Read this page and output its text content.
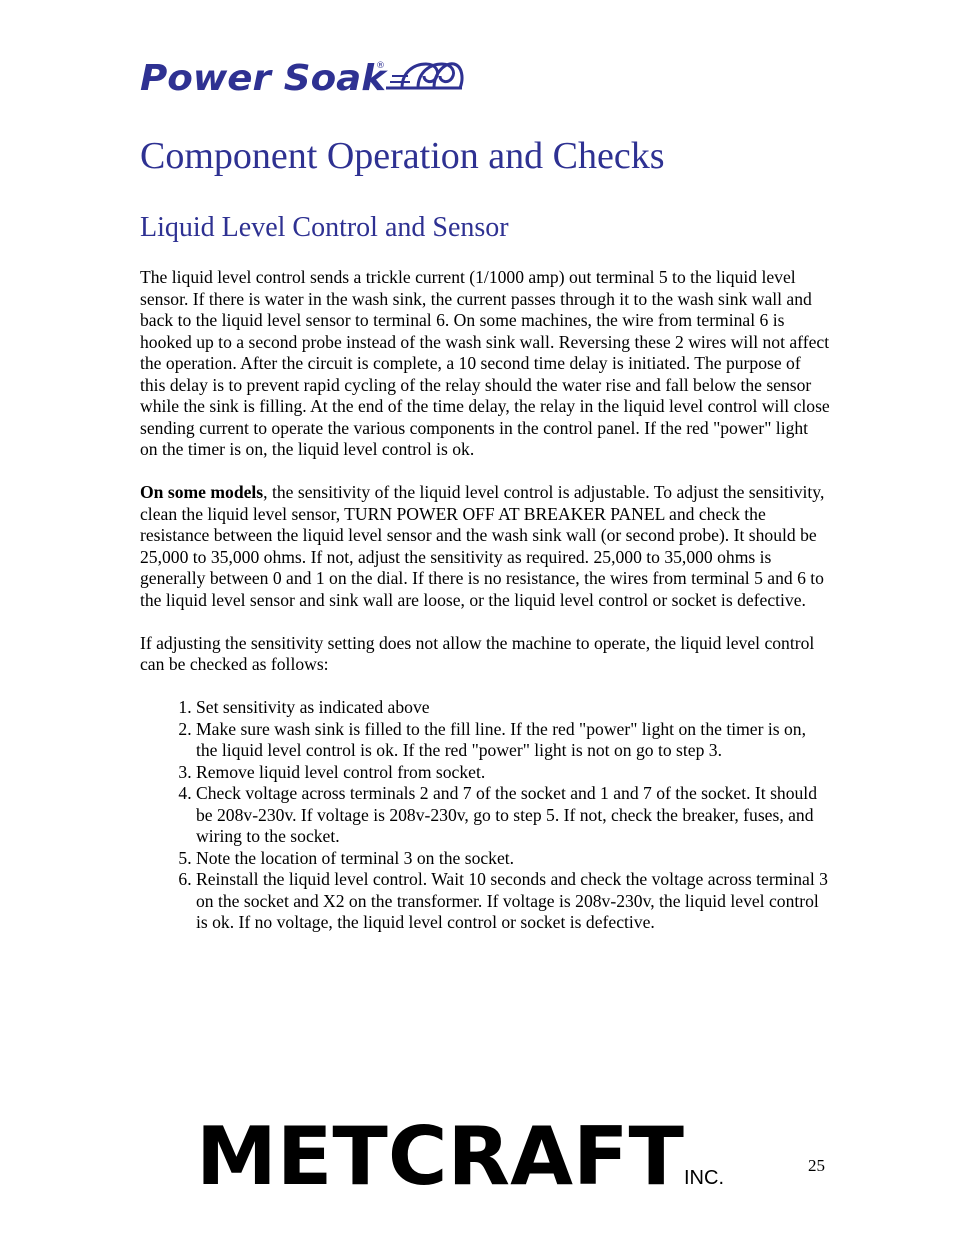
Power Soak
®
Component Operation and Checks
Liquid Level Control and Sensor

The liquid level control sends a trickle current (1/1000 amp) out terminal 5 to the liquid level sensor. If there is water in the wash sink, the current passes through it to the wash sink wall and back to the liquid level sensor to terminal 6. On some machines, the wire from terminal 6 is hooked up to a second probe instead of the wash sink wall. Reversing these 2 wires will not affect the operation. After the circuit is complete, a 10 second time delay is initiated. The purpose of this delay is to prevent rapid cycling of the relay should the water rise and fall below the sensor while the sink is filling. At the end of the time delay, the relay in the liquid level control will close sending current to operate the various components in the control panel. If the red "power" light on the timer is on, the liquid level control is ok.

On some models, the sensitivity of the liquid level control is adjustable. To adjust the sensitivity, clean the liquid level sensor, TURN POWER OFF AT BREAKER PANEL and check the resistance between the liquid level sensor and the wash sink wall (or second probe). It should be 25,000 to 35,000 ohms. If not, adjust the sensitivity as required. 25,000 to 35,000 ohms is generally between 0 and 1 on the dial. If there is no resistance, the wires from terminal 5 and 6 to the liquid level sensor and sink wall are loose, or the liquid level control or socket is defective.

If adjusting the sensitivity setting does not allow the machine to operate, the liquid level control can be checked as follows:

1. Set sensitivity as indicated above
2. Make sure wash sink is filled to the fill line. If the red "power" light on the timer is on, the liquid level control is ok. If the red "power" light is not on go to step 3.
3. Remove liquid level control from socket.
4. Check voltage across terminals 2 and 7 of the socket and 1 and 7 of the socket. It should be 208v-230v. If voltage is 208v-230v, go to step 5. If not, check the breaker, fuses, and wiring to the socket.
5. Note the location of terminal 3 on the socket.
6. Reinstall the liquid level control. Wait 10 seconds and check the voltage across terminal 3 on the socket and X2 on the transformer. If voltage is 208v-230v, the liquid level control is ok. If no voltage, the liquid level control or socket is defective.
METCRAFT INC.
25
